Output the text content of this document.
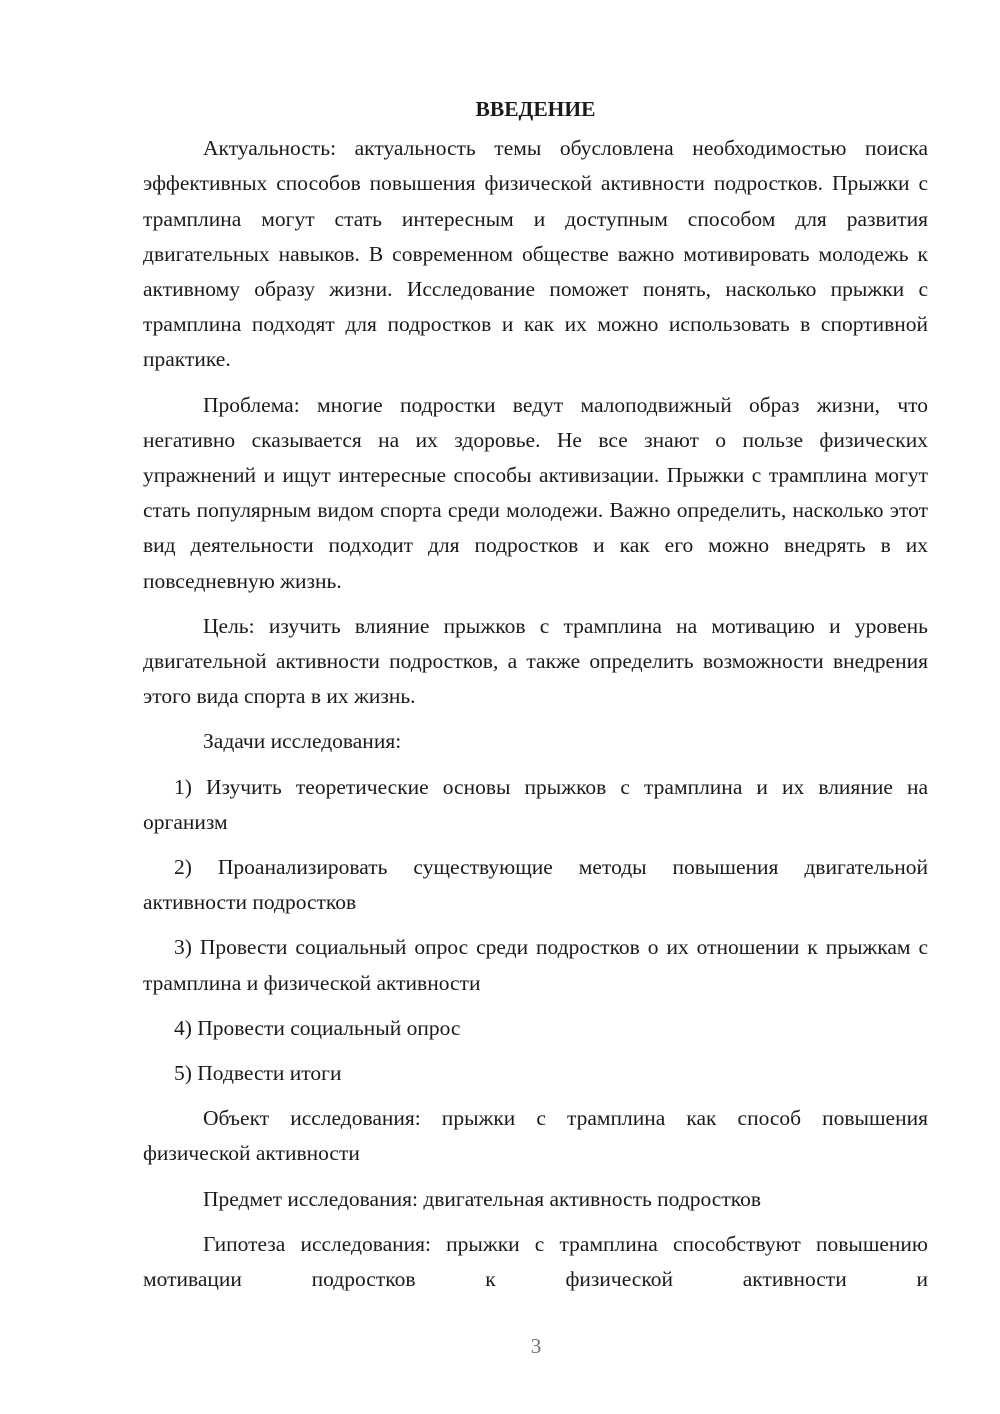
ВВЕДЕНИЕ

Актуальность: актуальность темы обусловлена необходимостью поиска эффективных способов повышения физической активности подростков. Прыжки с трамплина могут стать интересным и доступным способом для развития двигательных навыков. В современном обществе важно мотивировать молодежь к активному образу жизни. Исследование поможет понять, насколько прыжки с трамплина подходят для подростков и как их можно использовать в спортивной практике.

Проблема: многие подростки ведут малоподвижный образ жизни, что негативно сказывается на их здоровье. Не все знают о пользе физических упражнений и ищут интересные способы активизации. Прыжки с трамплина могут стать популярным видом спорта среди молодежи. Важно определить, насколько этот вид деятельности подходит для подростков и как его можно внедрять в их повседневную жизнь.

Цель: изучить влияние прыжков с трамплина на мотивацию и уровень двигательной активности подростков, а также определить возможности внедрения этого вида спорта в их жизнь.

Задачи исследования:

1) Изучить теоретические основы прыжков с трамплина и их влияние на организм

2) Проанализировать существующие методы повышения двигательной активности подростков

3) Провести социальный опрос среди подростков о их отношении к прыжкам с трамплина и физической активности

4) Провести социальный опрос

5) Подвести итоги

Объект исследования: прыжки с трамплина как способ повышения физической активности

Предмет исследования: двигательная активность подростков

Гипотеза исследования: прыжки с трамплина способствуют повышению мотивации подростков к физической активности и

3
